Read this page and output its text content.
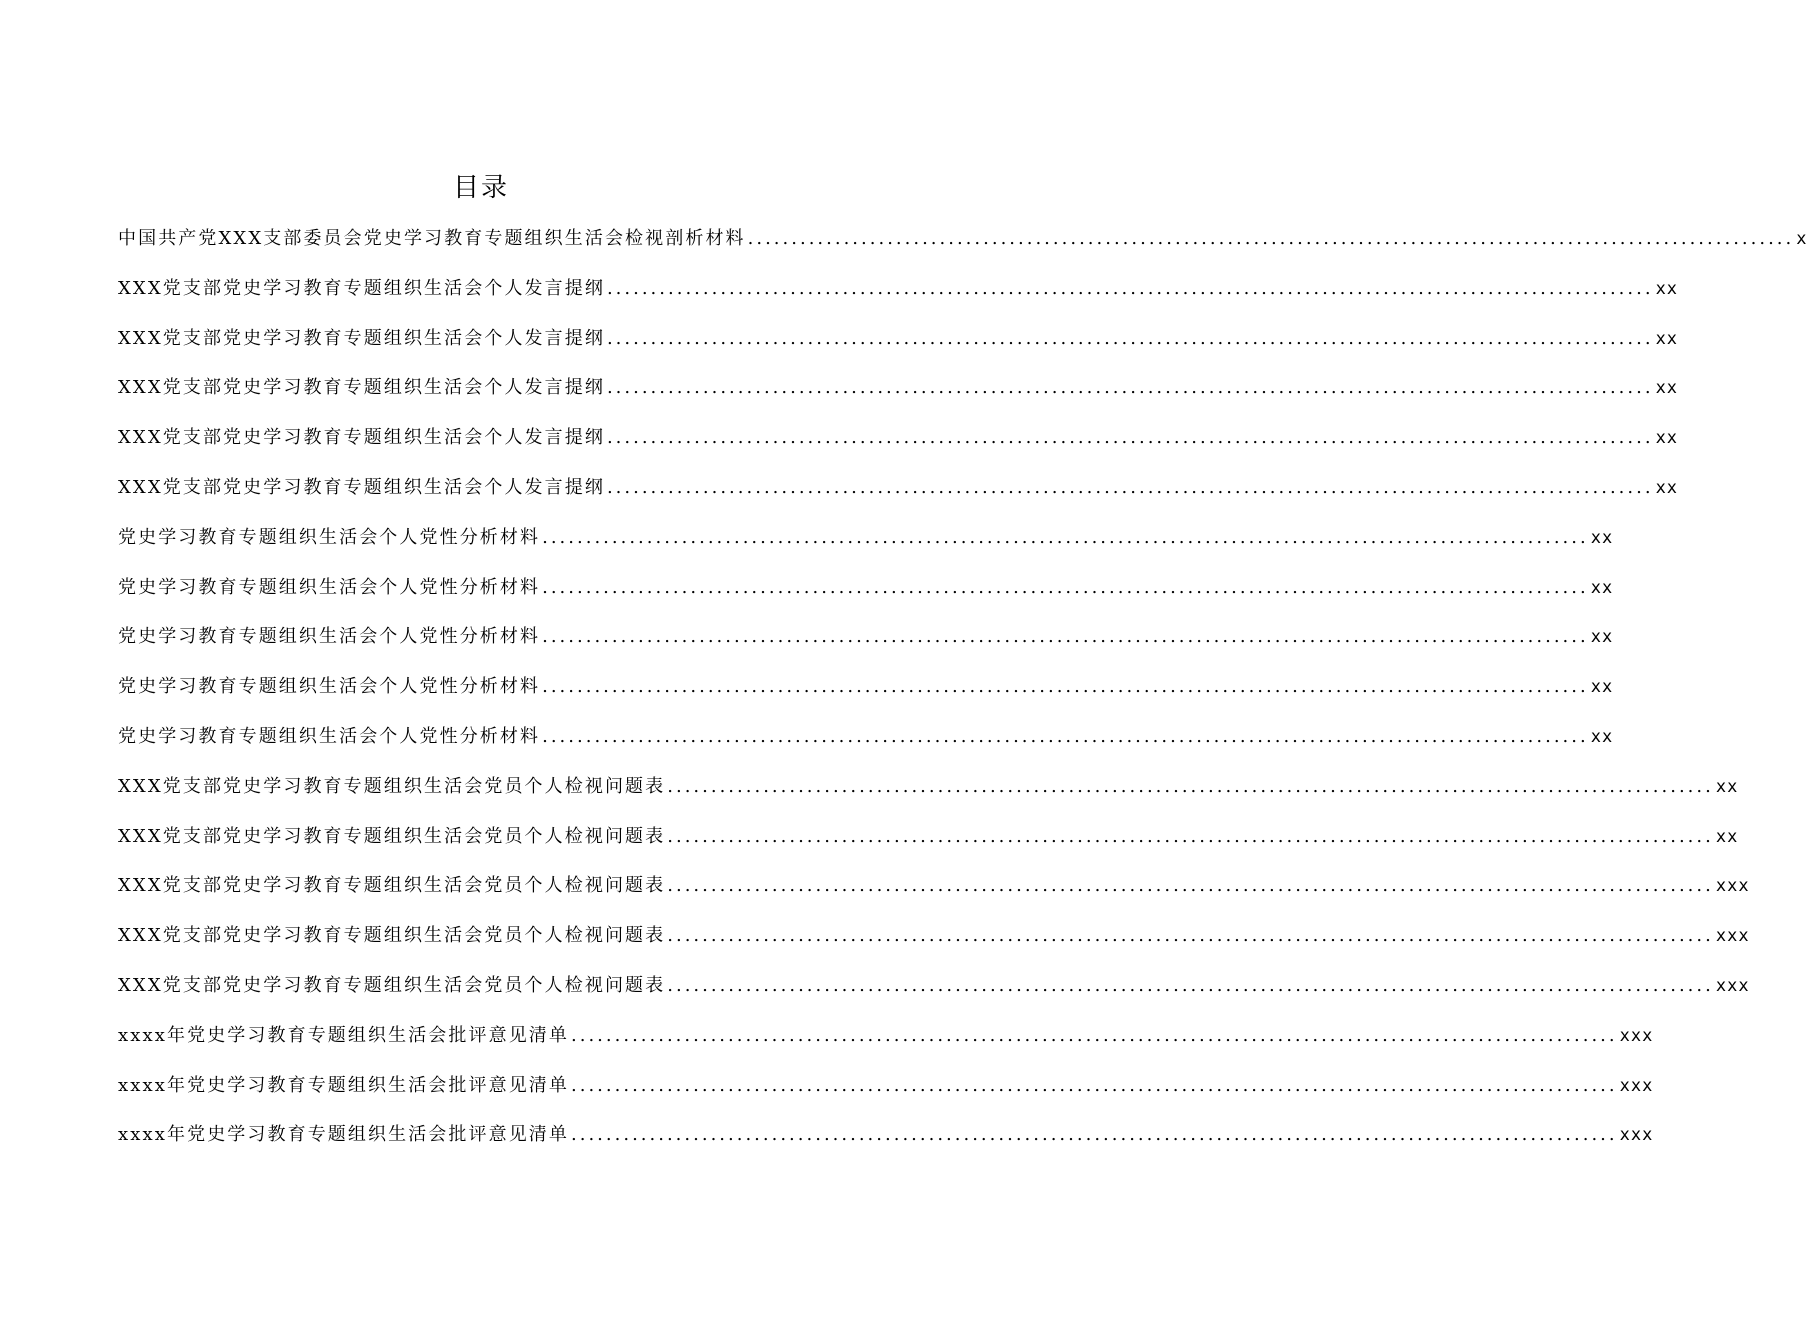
目录
中国共产党XXX支部委员会党史学习教育专题组织生活会检视剖析材料 ........................................................................................................................ x
XXX党支部党史学习教育专题组织生活会个人发言提纲 ........................................................................................................................ xx
XXX党支部党史学习教育专题组织生活会个人发言提纲 ........................................................................................................................ xx
XXX党支部党史学习教育专题组织生活会个人发言提纲 ........................................................................................................................ xx
XXX党支部党史学习教育专题组织生活会个人发言提纲 ........................................................................................................................ xx
XXX党支部党史学习教育专题组织生活会个人发言提纲 ........................................................................................................................ xx
党史学习教育专题组织生活会个人党性分析材料 ........................................................................................................................ xx
党史学习教育专题组织生活会个人党性分析材料 ........................................................................................................................ xx
党史学习教育专题组织生活会个人党性分析材料 ........................................................................................................................ xx
党史学习教育专题组织生活会个人党性分析材料 ........................................................................................................................ xx
党史学习教育专题组织生活会个人党性分析材料 ........................................................................................................................ xx
XXX党支部党史学习教育专题组织生活会党员个人检视问题表 ........................................................................................................................ xx
XXX党支部党史学习教育专题组织生活会党员个人检视问题表 ........................................................................................................................ xx
XXX党支部党史学习教育专题组织生活会党员个人检视问题表 ........................................................................................................................ xxx
XXX党支部党史学习教育专题组织生活会党员个人检视问题表 ........................................................................................................................ xxx
XXX党支部党史学习教育专题组织生活会党员个人检视问题表 ........................................................................................................................ xxx
xxxx年党史学习教育专题组织生活会批评意见清单 ........................................................................................................................ xxx
xxxx年党史学习教育专题组织生活会批评意见清单 ........................................................................................................................ xxx
xxxx年党史学习教育专题组织生活会批评意见清单 ........................................................................................................................ xxx
